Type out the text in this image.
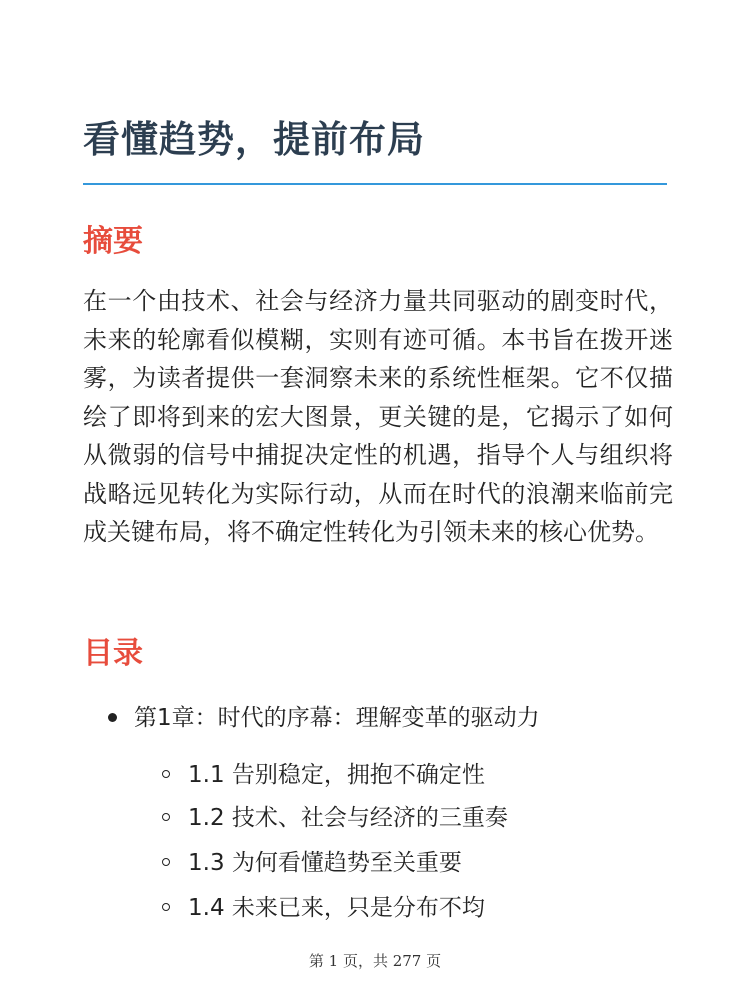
看懂趋势，提前布局
摘要

在一个由技术、社会与经济力量共同驱动的剧变时代，未来的轮廓看似模糊，实则有迹可循。本书旨在拨开迷雾，为读者提供一套洞察未来的系统性框架。它不仅描绘了即将到来的宏大图景，更关键的是，它揭示了如何从微弱的信号中捕捉决定性的机遇，指导个人与组织将战略远见转化为实际行动，从而在时代的浪潮来临前完成关键布局，将不确定性转化为引领未来的核心优势。

目录
第1章：时代的序幕：理解变革的驱动力
1.1 告别稳定，拥抱不确定性
1.2 技术、社会与经济的三重奏
1.3 为何看懂趋势至关重要
1.4 未来已来，只是分布不均
第 1 页，共 277 页
